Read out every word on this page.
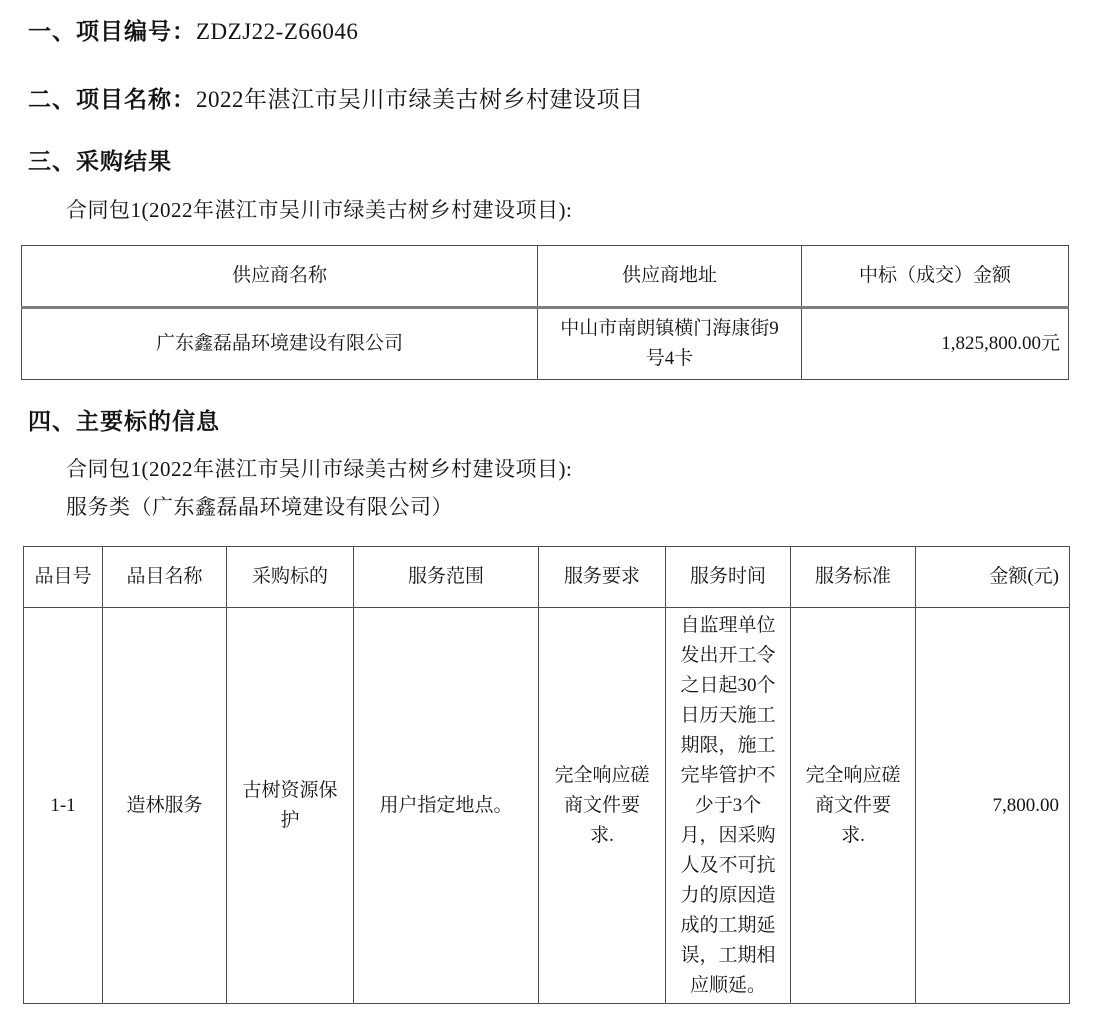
一、项目编号：ZDZJ22-Z66046
二、项目名称：2022年湛江市吴川市绿美古树乡村建设项目
三、采购结果
合同包1(2022年湛江市吴川市绿美古树乡村建设项目):
供应商名称	供应商地址	中标（成交）金额
广东鑫磊晶环境建设有限公司	中山市南朗镇横门海康街9号4卡	1,825,800.00元
四、主要标的信息
合同包1(2022年湛江市吴川市绿美古树乡村建设项目):
服务类（广东鑫磊晶环境建设有限公司）
品目号	品目名称	采购标的	服务范围	服务要求	服务时间	服务标准	金额(元)
1-1	造林服务	古树资源保护	用户指定地点。	完全响应磋商文件要求.	自监理单位发出开工令之日起30个日历天施工期限，施工完毕管护不少于3个月，因采购人及不可抗力的原因造成的工期延误，工期相应顺延。	完全响应磋商文件要求.	7,800.00
